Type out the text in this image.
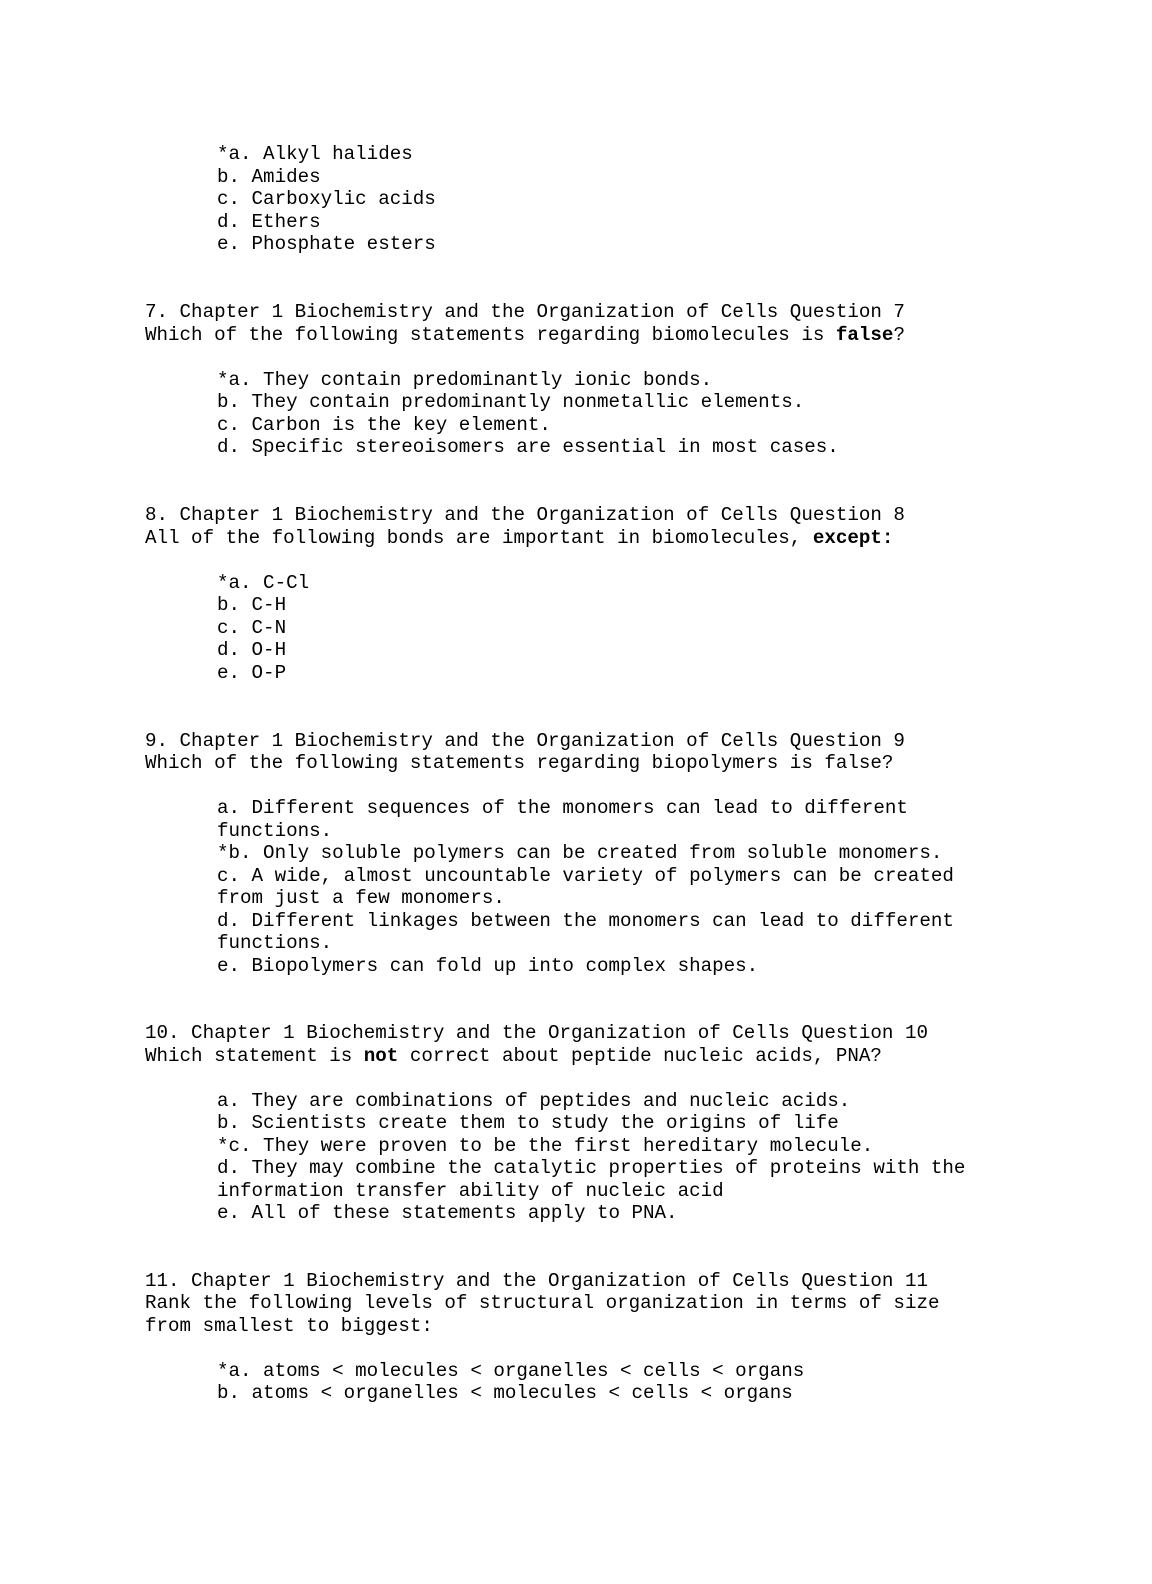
*a. Alkyl halides
b. Amides
c. Carboxylic acids
d. Ethers
e. Phosphate esters
7. Chapter 1 Biochemistry and the Organization of Cells Question 7
Which of the following statements regarding biomolecules is false?
*a. They contain predominantly ionic bonds.
b. They contain predominantly nonmetallic elements.
c. Carbon is the key element.
d. Specific stereoisomers are essential in most cases.
8. Chapter 1 Biochemistry and the Organization of Cells Question 8
All of the following bonds are important in biomolecules, except:
*a. C-Cl
b. C-H
c. C-N
d. O-H
e. O-P
9. Chapter 1 Biochemistry and the Organization of Cells Question 9
Which of the following statements regarding biopolymers is false?
a. Different sequences of the monomers can lead to different
functions.
*b. Only soluble polymers can be created from soluble monomers.
c. A wide, almost uncountable variety of polymers can be created
from just a few monomers.
d. Different linkages between the monomers can lead to different
functions.
e. Biopolymers can fold up into complex shapes.
10. Chapter 1 Biochemistry and the Organization of Cells Question 10
Which statement is not correct about peptide nucleic acids, PNA?
a. They are combinations of peptides and nucleic acids.
b. Scientists create them to study the origins of life
*c. They were proven to be the first hereditary molecule.
d. They may combine the catalytic properties of proteins with the
information transfer ability of nucleic acid
e. All of these statements apply to PNA.
11. Chapter 1 Biochemistry and the Organization of Cells Question 11
Rank the following levels of structural organization in terms of size
from smallest to biggest:
*a. atoms < molecules < organelles < cells < organs
b. atoms < organelles < molecules < cells < organs
